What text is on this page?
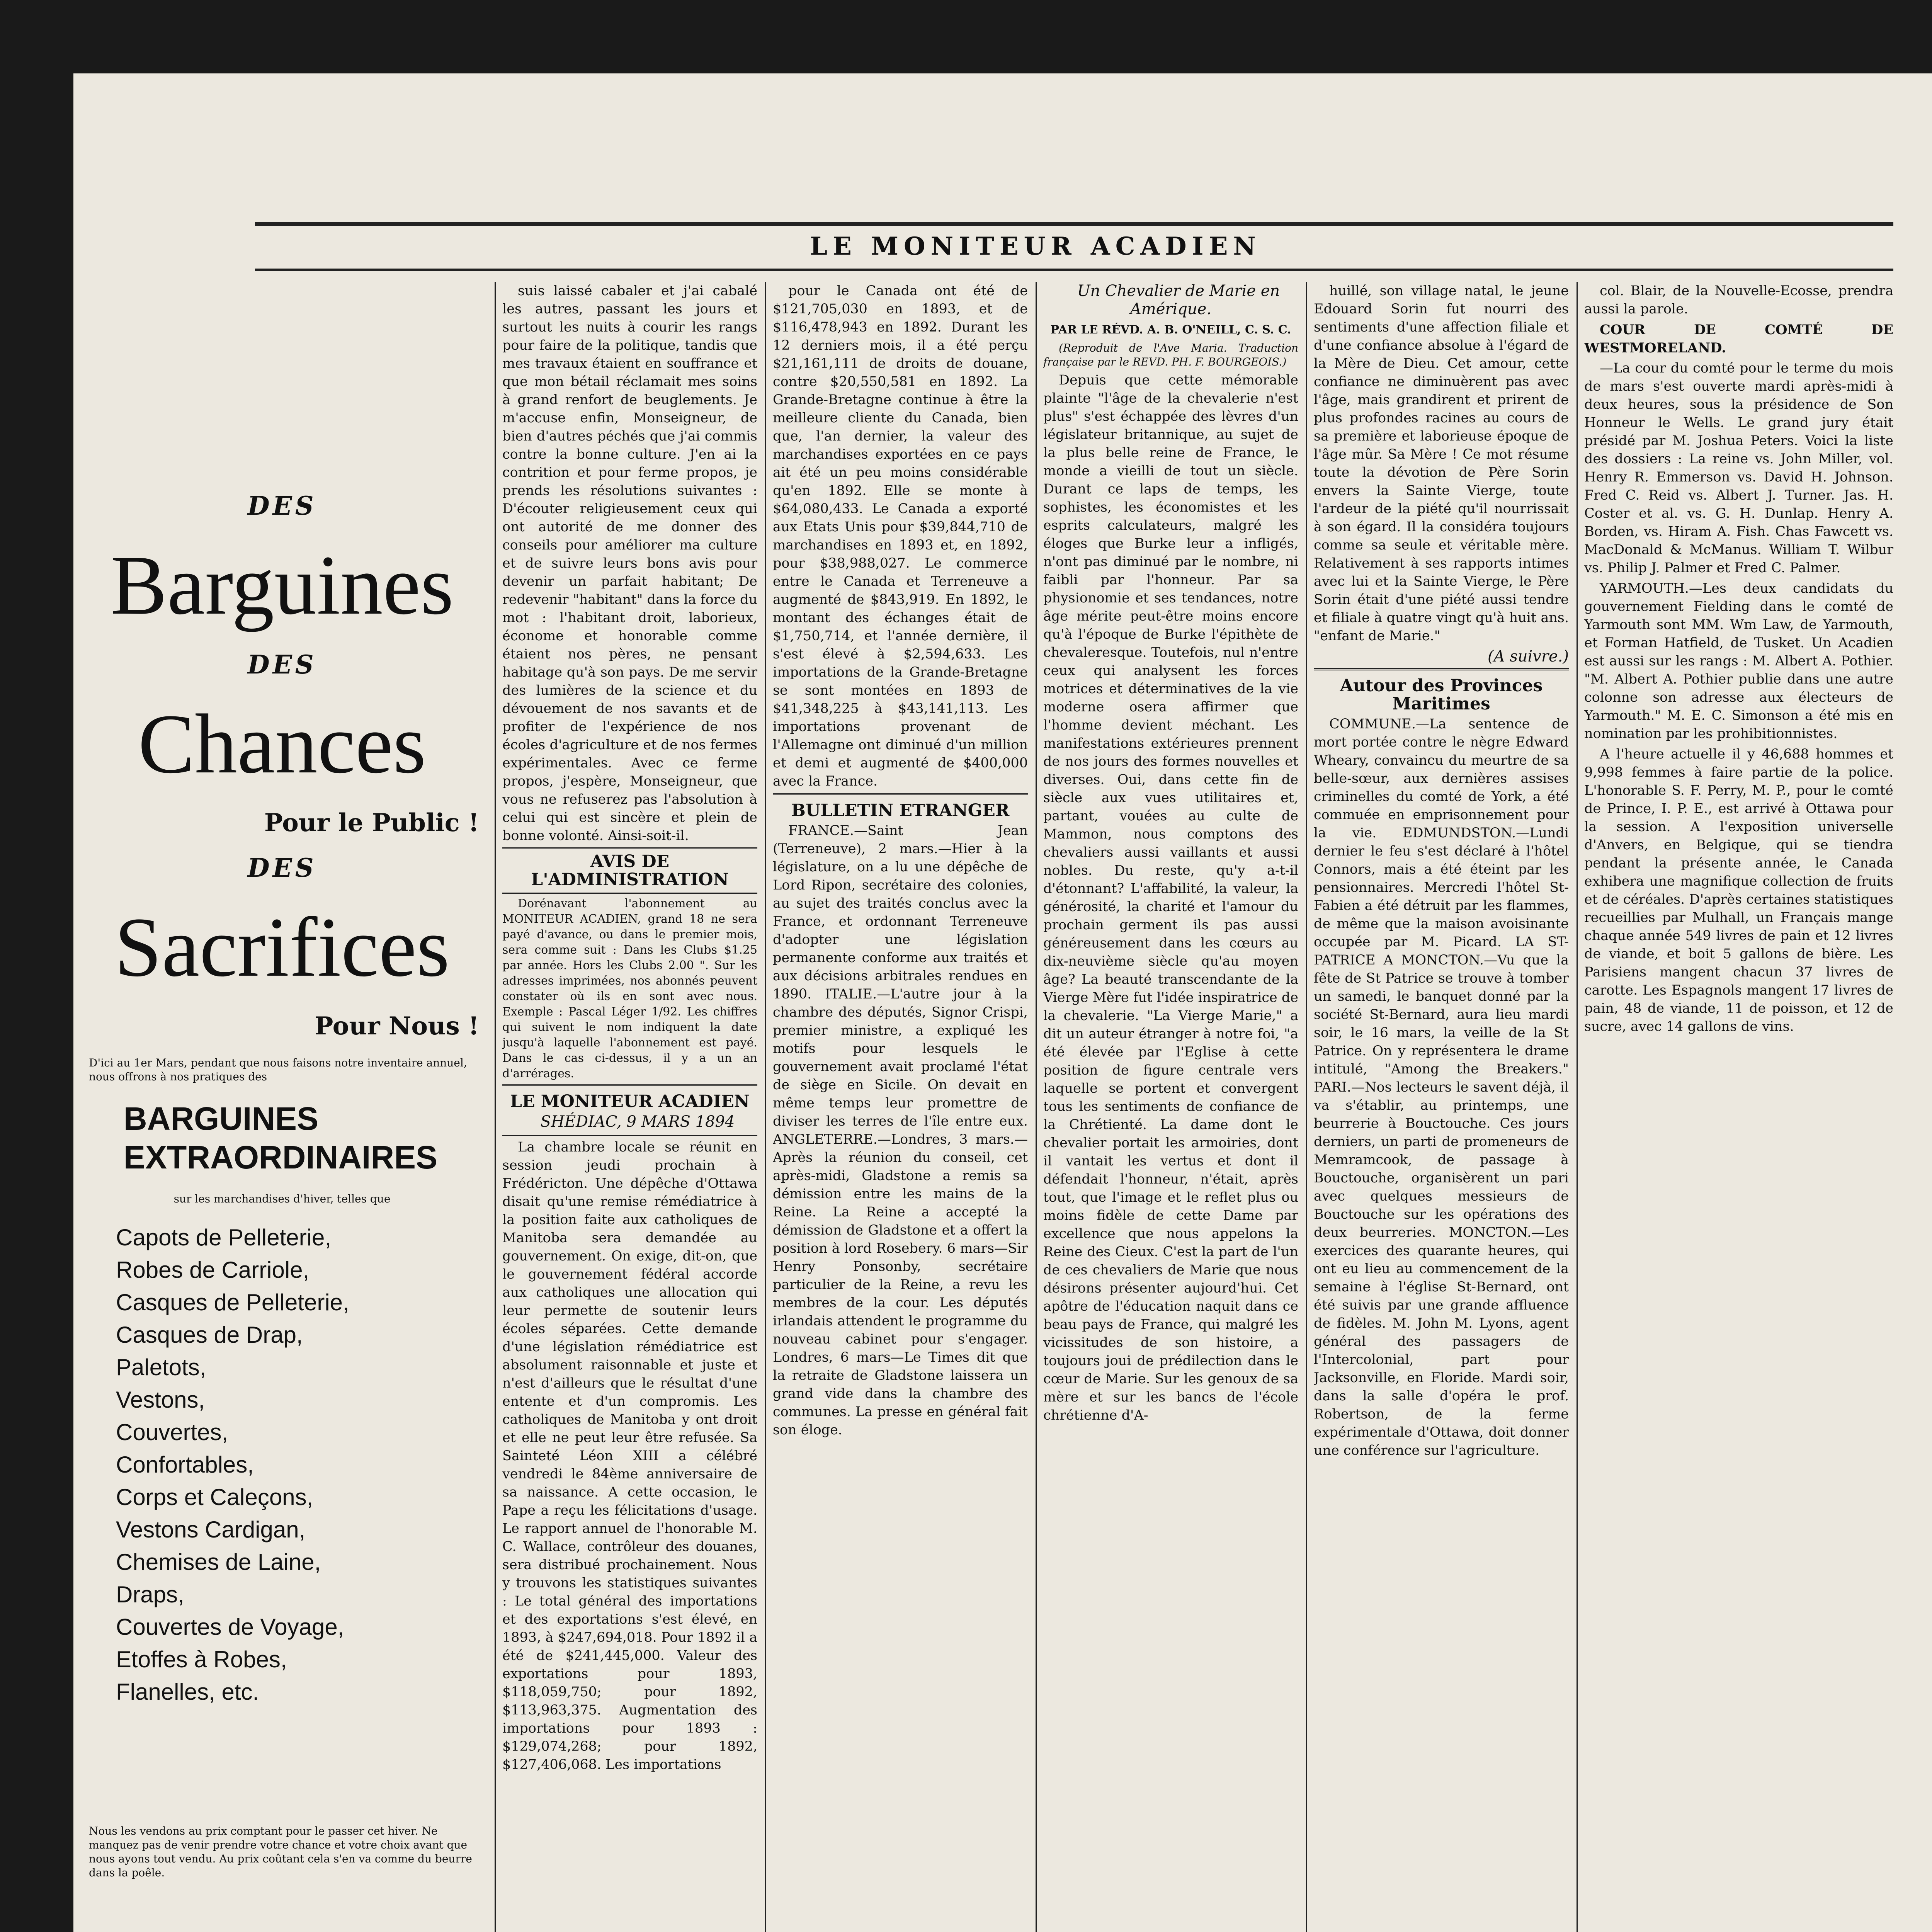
LE MONITEUR ACADIEN
DES
Barguines
DES
Chances
Pour le Public !
DES
Sacrifices
Pour Nous !
D'ici au 1er Mars, pendant que nous faisons notre inventaire annuel, nous offrons à nos pratiques des
BARGUINES
EXTRAORDINAIRES
sur les marchandises d'hiver, telles que
Capots de Pelleterie,
Robes de Carriole,
Casques de Pelleterie,
Casques de Drap,
Paletots,
Vestons,
Couvertes,
Confortables,
Corps et Caleçons,
Vestons Cardigan,
Chemises de Laine,
Draps,
Couvertes de Voyage,
Etoffes à Robes,
Flanelles, etc.
Nous les vendons au prix comptant pour le passer cet hiver. Ne manquez pas de venir prendre votre chance et votre choix avant que nous ayons tout vendu. Au prix coûtant cela s'en va comme du beurre dans la poêle.

suis laissé cabaler et j'ai cabalé les autres, passant les jours et surtout les nuits à courir les rangs pour faire de la politique, tandis que mes travaux étaient en souffrance et que mon bétail réclamait mes soins à grand renfort de beuglements. Je m'accuse enfin, Monseigneur, de bien d'autres péchés que j'ai commis contre la bonne culture. J'en ai la contrition et pour ferme propos, je prends les résolutions suivantes : D'écouter religieusement ceux qui ont autorité de me donner des conseils pour améliorer ma culture et de suivre leurs bons avis pour devenir un parfait habitant; De redevenir "habitant" dans la force du mot : l'habitant droit, laborieux, économe et honorable comme étaient nos pères, ne pensant habitage qu'à son pays. De me servir des lumières de la science et du dévouement de nos savants et de profiter de l'expérience de nos écoles d'agriculture et de nos fermes expérimentales. Avec ce ferme propos, j'espère, Monseigneur, que vous ne refuserez pas l'absolution à celui qui est sincère et plein de bonne volonté. Ainsi-soit-il.

AVIS DE L'ADMINISTRATION

Dorénavant l'abonnement au MONITEUR ACADIEN, grand 18 ne sera payé d'avance, ou dans le premier mois, sera comme suit : Dans les Clubs $1.25 par année. Hors les Clubs 2.00 ". Sur les adresses imprimées, nos abonnés peuvent constater où ils en sont avec nous. Exemple : Pascal Léger 1/92. Les chiffres qui suivent le nom indiquent la date jusqu'à laquelle l'abonnement est payé. Dans le cas ci-dessus, il y a un an d'arrérages.

LE MONITEUR ACADIEN

SHÉDIAC, 9 MARS 1894

La chambre locale se réunit en session jeudi prochain à Frédéricton. Une dépêche d'Ottawa disait qu'une remise rémédiatrice à la position faite aux catholiques de Manitoba sera demandée au gouvernement. On exige, dit-on, que le gouvernement fédéral accorde aux catholiques une allocation qui leur permette de soutenir leurs écoles séparées. Cette demande d'une législation rémédiatrice est absolument raisonnable et juste et n'est d'ailleurs que le résultat d'une entente et d'un compromis. Les catholiques de Manitoba y ont droit et elle ne peut leur être refusée. Sa Sainteté Léon XIII a célébré vendredi le 84ème anniversaire de sa naissance. A cette occasion, le Pape a reçu les félicitations d'usage. Le rapport annuel de l'honorable M. C. Wallace, contrôleur des douanes, sera distribué prochainement. Nous y trouvons les statistiques suivantes : Le total général des importations et des exportations s'est élevé, en 1893, à $247,694,018. Pour 1892 il a été de $241,445,000. Valeur des exportations pour 1893, $118,059,750; pour 1892, $113,963,375. Augmentation des importations pour 1893 : $129,074,268; pour 1892, $127,406,068. Les importations

pour le Canada ont été de $121,705,030 en 1893, et de $116,478,943 en 1892. Durant les 12 derniers mois, il a été perçu $21,161,111 de droits de douane, contre $20,550,581 en 1892. La Grande-Bretagne continue à être la meilleure cliente du Canada, bien que, l'an dernier, la valeur des marchandises exportées en ce pays ait été un peu moins considérable qu'en 1892. Elle se monte à $64,080,433. Le Canada a exporté aux Etats Unis pour $39,844,710 de marchandises en 1893 et, en 1892, pour $38,988,027. Le commerce entre le Canada et Terreneuve a augmenté de $843,919. En 1892, le montant des échanges était de $1,750,714, et l'année dernière, il s'est élevé à $2,594,633. Les importations de la Grande-Bretagne se sont montées en 1893 de $41,348,225 à $43,141,113. Les importations provenant de l'Allemagne ont diminué d'un million et demi et augmenté de $400,000 avec la France.

BULLETIN ETRANGER

FRANCE.—Saint Jean (Terreneuve), 2 mars.—Hier à la législature, on a lu une dépêche de Lord Ripon, secrétaire des colonies, au sujet des traités conclus avec la France, et ordonnant Terreneuve d'adopter une législation permanente conforme aux traités et aux décisions arbitrales rendues en 1890. ITALIE.—L'autre jour à la chambre des députés, Signor Crispi, premier ministre, a expliqué les motifs pour lesquels le gouvernement avait proclamé l'état de siège en Sicile. On devait en même temps leur promettre de diviser les terres de l'île entre eux. ANGLETERRE.—Londres, 3 mars.—Après la réunion du conseil, cet après-midi, Gladstone a remis sa démission entre les mains de la Reine. La Reine a accepté la démission de Gladstone et a offert la position à lord Rosebery. 6 mars—Sir Henry Ponsonby, secrétaire particulier de la Reine, a revu les membres de la cour. Les députés irlandais attendent le programme du nouveau cabinet pour s'engager. Londres, 6 mars—Le Times dit que la retraite de Gladstone laissera un grand vide dans la chambre des communes. La presse en général fait son éloge.

Un Chevalier de Marie en Amérique.

PAR LE RÉVD. A. B. O'NEILL, C. S. C.

(Reproduit de l'Ave Maria. Traduction française par le REVD. PH. F. BOURGEOIS.)

Depuis que cette mémorable plainte "l'âge de la chevalerie n'est plus" s'est échappée des lèvres d'un législateur britannique, au sujet de la plus belle reine de France, le monde a vieilli de tout un siècle. Durant ce laps de temps, les sophistes, les économistes et les esprits calculateurs, malgré les éloges que Burke leur a infligés, n'ont pas diminué par le nombre, ni faibli par l'honneur. Par sa physionomie et ses tendances, notre âge mérite peut-être moins encore qu'à l'époque de Burke l'épithète de chevaleresque. Toutefois, nul n'entre ceux qui analysent les forces motrices et déterminatives de la vie moderne osera affirmer que l'homme devient méchant. Les manifestations extérieures prennent de nos jours des formes nouvelles et diverses. Oui, dans cette fin de siècle aux vues utilitaires et, partant, vouées au culte de Mammon, nous comptons des chevaliers aussi vaillants et aussi nobles. Du reste, qu'y a-t-il d'étonnant? L'affabilité, la valeur, la générosité, la charité et l'amour du prochain germent ils pas aussi généreusement dans les cœurs au dix-neuvième siècle qu'au moyen âge? La beauté transcendante de la Vierge Mère fut l'idée inspiratrice de la chevalerie. "La Vierge Marie," a dit un auteur étranger à notre foi, "a été élevée par l'Eglise à cette position de figure centrale vers laquelle se portent et convergent tous les sentiments de confiance de la Chrétienté. La dame dont le chevalier portait les armoiries, dont il vantait les vertus et dont il défendait l'honneur, n'était, après tout, que l'image et le reflet plus ou moins fidèle de cette Dame par excellence que nous appelons la Reine des Cieux. C'est la part de l'un de ces chevaliers de Marie que nous désirons présenter aujourd'hui. Cet apôtre de l'éducation naquit dans ce beau pays de France, qui malgré les vicissitudes de son histoire, a toujours joui de prédilection dans le cœur de Marie. Sur les genoux de sa mère et sur les bancs de l'école chrétienne d'A-

huillé, son village natal, le jeune Edouard Sorin fut nourri des sentiments d'une affection filiale et d'une confiance absolue à l'égard de la Mère de Dieu. Cet amour, cette confiance ne diminuèrent pas avec l'âge, mais grandirent et prirent de plus profondes racines au cours de sa première et laborieuse époque de l'âge mûr. Sa Mère ! Ce mot résume toute la dévotion de Père Sorin envers la Sainte Vierge, toute l'ardeur de la piété qu'il nourrissait à son égard. Il la considéra toujours comme sa seule et véritable mère. Relativement à ses rapports intimes avec lui et la Sainte Vierge, le Père Sorin était d'une piété aussi tendre et filiale à quatre vingt qu'à huit ans. "enfant de Marie."

(A suivre.)

Autour des Provinces Maritimes

COMMUNE.—La sentence de mort portée contre le nègre Edward Wheary, convaincu du meurtre de sa belle-sœur, aux dernières assises criminelles du comté de York, a été commuée en emprisonnement pour la vie. EDMUNDSTON.—Lundi dernier le feu s'est déclaré à l'hôtel Connors, mais a été éteint par les pensionnaires. Mercredi l'hôtel St-Fabien a été détruit par les flammes, de même que la maison avoisinante occupée par M. Picard. LA ST-PATRICE A MONCTON.—Vu que la fête de St Patrice se trouve à tomber un samedi, le banquet donné par la société St-Bernard, aura lieu mardi soir, le 16 mars, la veille de la St Patrice. On y représentera le drame intitulé, "Among the Breakers." PARI.—Nos lecteurs le savent déjà, il va s'établir, au printemps, une beurrerie à Bouctouche. Ces jours derniers, un parti de promeneurs de Memramcook, de passage à Bouctouche, organisèrent un pari avec quelques messieurs de Bouctouche sur les opérations des deux beurreries. MONCTON.—Les exercices des quarante heures, qui ont eu lieu au commencement de la semaine à l'église St-Bernard, ont été suivis par une grande affluence de fidèles. M. John M. Lyons, agent général des passagers de l'Intercolonial, part pour Jacksonville, en Floride. Mardi soir, dans la salle d'opéra le prof. Robertson, de la ferme expérimentale d'Ottawa, doit donner une conférence sur l'agriculture.

col. Blair, de la Nouvelle-Ecosse, prendra aussi la parole.

COUR DE COMTÉ DE WESTMORELAND.

—La cour du comté pour le terme du mois de mars s'est ouverte mardi après-midi à deux heures, sous la présidence de Son Honneur le Wells. Le grand jury était présidé par M. Joshua Peters. Voici la liste des dossiers : La reine vs. John Miller, vol. Henry R. Emmerson vs. David H. Johnson. Fred C. Reid vs. Albert J. Turner. Jas. H. Coster et al. vs. G. H. Dunlap. Henry A. Borden, vs. Hiram A. Fish. Chas Fawcett vs. MacDonald & McManus. William T. Wilbur vs. Philip J. Palmer et Fred C. Palmer.

YARMOUTH.—Les deux candidats du gouvernement Fielding dans le comté de Yarmouth sont MM. Wm Law, de Yarmouth, et Forman Hatfield, de Tusket. Un Acadien est aussi sur les rangs : M. Albert A. Pothier. "M. Albert A. Pothier publie dans une autre colonne son adresse aux électeurs de Yarmouth." M. E. C. Simonson a été mis en nomination par les prohibitionnistes.

A l'heure actuelle il y 46,688 hommes et 9,998 femmes à faire partie de la police. L'honorable S. F. Perry, M. P., pour le comté de Prince, I. P. E., est arrivé à Ottawa pour la session. A l'exposition universelle d'Anvers, en Belgique, qui se tiendra pendant la présente année, le Canada exhibera une magnifique collection de fruits et de céréales. D'après certaines statistiques recueillies par Mulhall, un Français mange chaque année 549 livres de pain et 12 livres de viande, et boit 5 gallons de bière. Les Parisiens mangent chacun 37 livres de carotte. Les Espagnols mangent 17 livres de pain, 48 de viande, 11 de poisson, et 12 de sucre, avec 14 gallons de vins.
